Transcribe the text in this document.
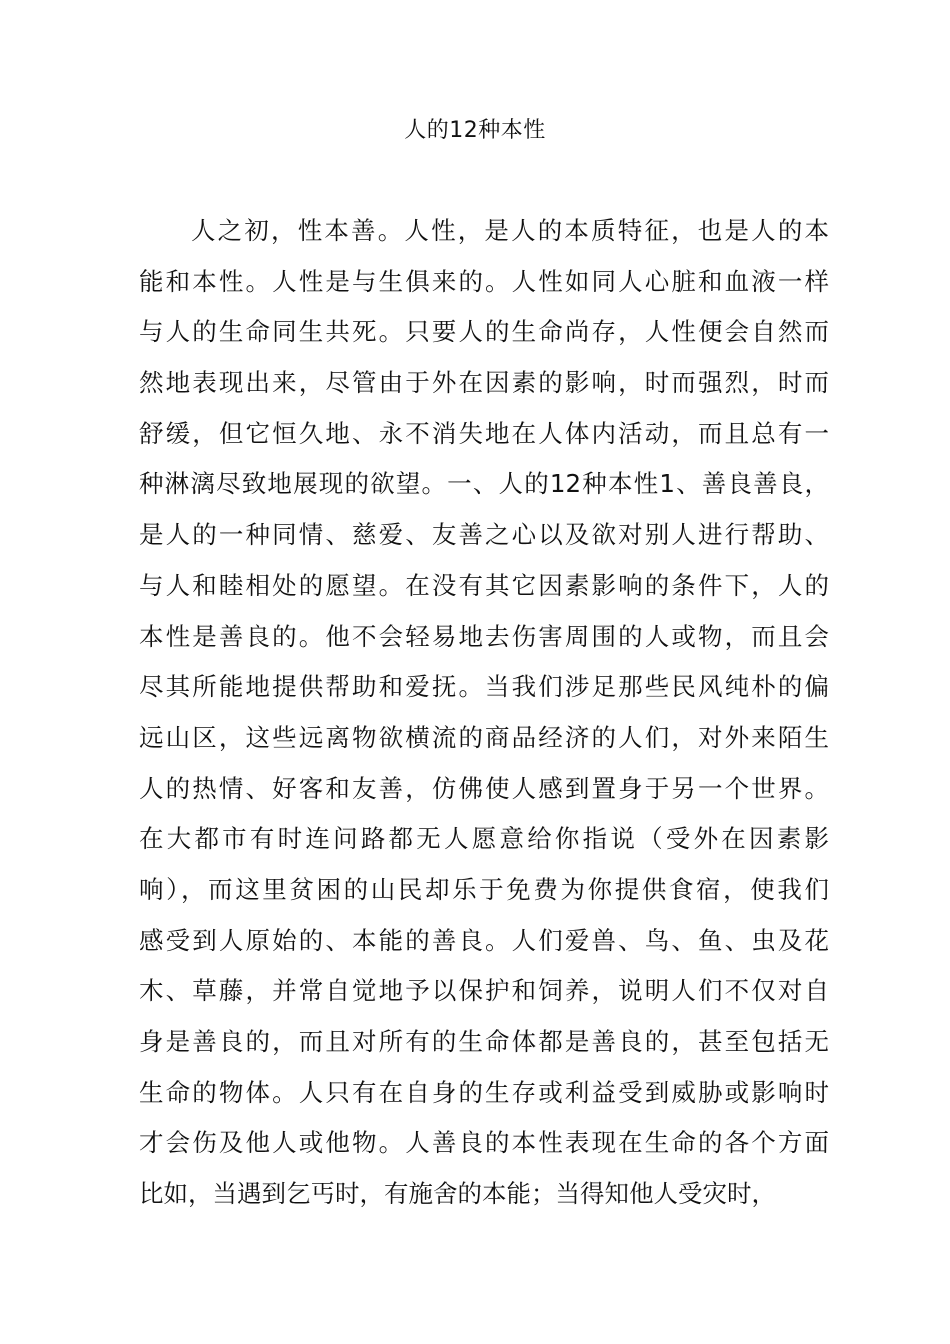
人的12种本性
人之初，性本善。人性，是人的本质特征，也是人的本
能和本性。人性是与生俱来的。人性如同人心脏和血液一样
与人的生命同生共死。只要人的生命尚存，人性便会自然而
然地表现出来，尽管由于外在因素的影响，时而强烈，时而
舒缓，但它恒久地、永不消失地在人体内活动，而且总有一
种淋漓尽致地展现的欲望。一、人的12种本性1、善良善良，
是人的一种同情、慈爱、友善之心以及欲对别人进行帮助、
与人和睦相处的愿望。在没有其它因素影响的条件下，人的
本性是善良的。他不会轻易地去伤害周围的人或物，而且会
尽其所能地提供帮助和爱抚。当我们涉足那些民风纯朴的偏
远山区，这些远离物欲横流的商品经济的人们，对外来陌生
人的热情、好客和友善，仿佛使人感到置身于另一个世界。
在大都市有时连问路都无人愿意给你指说（受外在因素影
响），而这里贫困的山民却乐于免费为你提供食宿，使我们
感受到人原始的、本能的善良。人们爱兽、鸟、鱼、虫及花
木、草藤，并常自觉地予以保护和饲养，说明人们不仅对自
身是善良的，而且对所有的生命体都是善良的，甚至包括无
生命的物体。人只有在自身的生存或利益受到威胁或影响时
才会伤及他人或他物。人善良的本性表现在生命的各个方面
比如，当遇到乞丐时，有施舍的本能；当得知他人受灾时，
